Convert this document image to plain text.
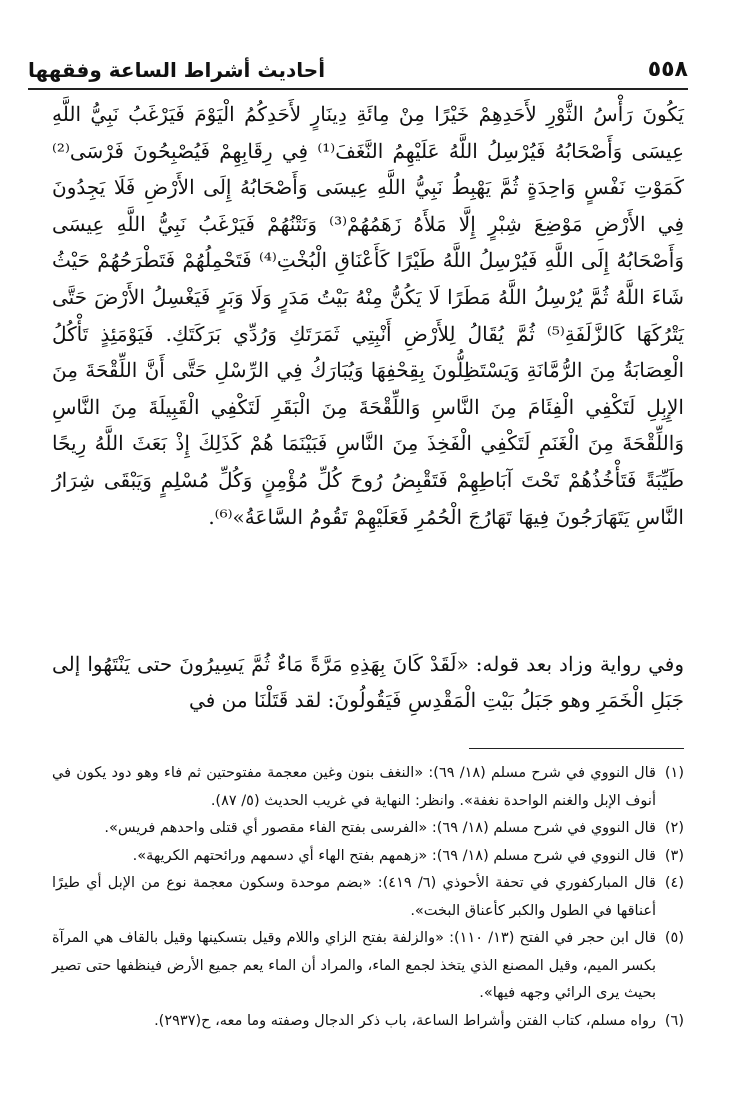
٥٥٨
أحاديث أشراط الساعة وفقهها

يَكُونَ رَأْسُ الثَّوْرِ لأَحَدِهِمْ خَيْرًا مِنْ مِائَةِ دِينَارٍ لأَحَدِكُمُ الْيَوْمَ فَيَرْغَبُ نَبِيُّ اللَّهِ عِيسَى وَأَصْحَابُهُ فَيُرْسِلُ اللَّهُ عَلَيْهِمُ النَّغَفَ⁽¹⁾ فِي رِقَابِهِمْ فَيُصْبِحُونَ فَرْسَى⁽²⁾ كَمَوْتِ نَفْسٍ وَاحِدَةٍ ثُمَّ يَهْبِطُ نَبِيُّ اللَّهِ عِيسَى وَأَصْحَابُهُ إِلَى الأَرْضِ فَلَا يَجِدُونَ فِي الأَرْضِ مَوْضِعَ شِبْرٍ إِلَّا مَلأَهُ زَهَمُهُمْ⁽³⁾ وَنَتْنُهُمْ فَيَرْغَبُ نَبِيُّ اللَّهِ عِيسَى وَأَصْحَابُهُ إِلَى اللَّهِ فَيُرْسِلُ اللَّهُ طَيْرًا كَأَعْنَاقِ الْبُخْتِ⁽⁴⁾ فَتَحْمِلُهُمْ فَتَطْرَحُهُمْ حَيْثُ شَاءَ اللَّهُ ثُمَّ يُرْسِلُ اللَّهُ مَطَرًا لَا يَكُنُّ مِنْهُ بَيْتُ مَدَرٍ وَلَا وَبَرٍ فَيَغْسِلُ الأَرْضَ حَتَّى يَتْرُكَهَا كَالزَّلَفَةِ⁽⁵⁾ ثُمَّ يُقَالُ لِلأَرْضِ أَنْبِتِي ثَمَرَتَكِ وَرُدِّي بَرَكَتَكِ. فَيَوْمَئِذٍ تَأْكُلُ الْعِصَابَةُ مِنَ الرُّمَّانَةِ وَيَسْتَظِلُّونَ بِقِحْفِهَا وَيُبَارَكُ فِي الرِّسْلِ حَتَّى أَنَّ اللِّقْحَةَ مِنَ الإِبِلِ لَتَكْفِي الْفِئَامَ مِنَ النَّاسِ وَاللِّقْحَةَ مِنَ الْبَقَرِ لَتَكْفِي الْقَبِيلَةَ مِنَ النَّاسِ وَاللِّقْحَةَ مِنَ الْغَنَمِ لَتَكْفِي الْفَخِذَ مِنَ النَّاسِ فَبَيْنَمَا هُمْ كَذَلِكَ إِذْ بَعَثَ اللَّهُ رِيحًا طَيِّبَةً فَتَأْخُذُهُمْ تَحْتَ آبَاطِهِمْ فَتَقْبِضُ رُوحَ كُلِّ مُؤْمِنٍ وَكُلِّ مُسْلِمٍ وَيَبْقَى شِرَارُ النَّاسِ يَتَهَارَجُونَ فِيهَا تَهَارُجَ الْحُمُرِ فَعَلَيْهِمْ تَقُومُ السَّاعَةُ»⁽⁶⁾.

وفي رواية وزاد بعد قوله: «لَقَدْ كَانَ بِهَذِهِ مَرَّةً مَاءٌ ثُمَّ يَسِيرُونَ حتى يَنْتَهُوا إلى جَبَلِ الْخَمَرِ وهو جَبَلُ بَيْتِ الْمَقْدِسِ فَيَقُولُونَ: لقد قَتَلْنَا من في

(١)
قال النووي في شرح مسلم (١٨/ ٦٩): «النغف بنون وغين معجمة مفتوحتين ثم فاء وهو دود يكون في أنوف الإبل والغنم الواحدة نغفة». وانظر: النهاية في غريب الحديث (٥/ ٨٧).
(٢)
قال النووي في شرح مسلم (١٨/ ٦٩): «الفرسى بفتح الفاء مقصور أي قتلى واحدهم فريس».
(٣)
قال النووي في شرح مسلم (١٨/ ٦٩): «زهمهم بفتح الهاء أي دسمهم ورائحتهم الكريهة».
(٤)
قال المباركفوري في تحفة الأحوذي (٦/ ٤١٩): «بضم موحدة وسكون معجمة نوع من الإبل أي طيرًا أعناقها في الطول والكبر كأعناق البخت».
(٥)
قال ابن حجر في الفتح (١٣/ ١١٠): «والزلفة بفتح الزاي واللام وقيل بتسكينها وقيل بالقاف هي المرآة بكسر الميم، وقيل المصنع الذي يتخذ لجمع الماء، والمراد أن الماء يعم جميع الأرض فينظفها حتى تصير بحيث يرى الرائي وجهه فيها».
(٦)
رواه مسلم، كتاب الفتن وأشراط الساعة، باب ذكر الدجال وصفته وما معه، ح(٢٩٣٧).
